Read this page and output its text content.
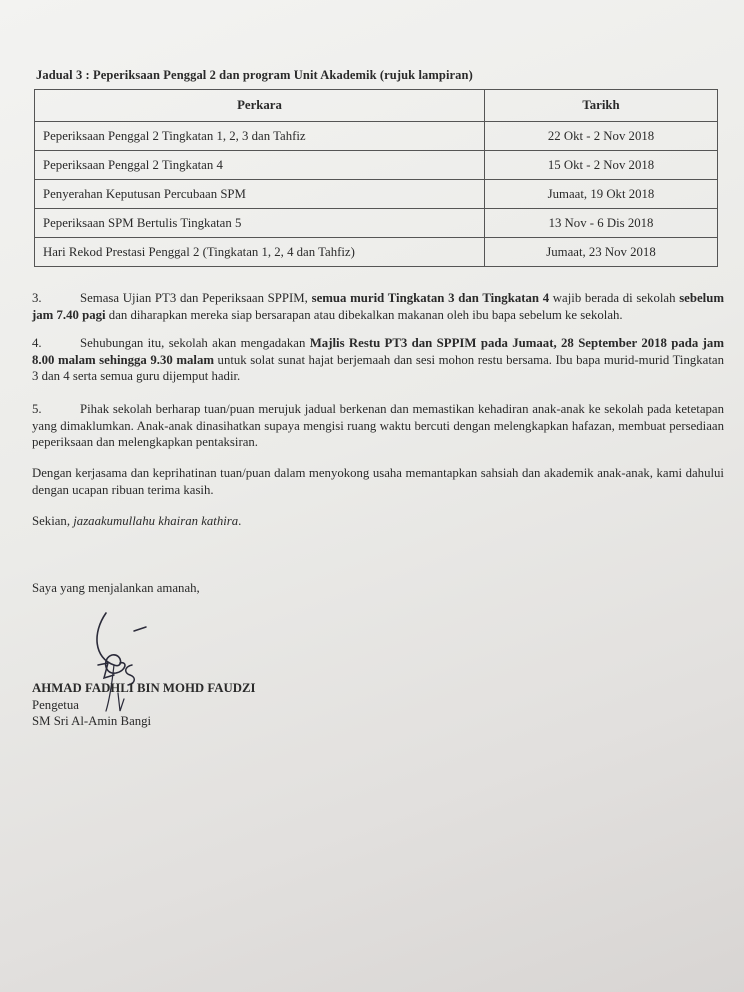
Jadual 3 : Peperiksaan Penggal 2 dan program Unit Akademik (rujuk lampiran)
Perkara	Tarikh
Peperiksaan Penggal 2 Tingkatan 1, 2, 3 dan Tahfiz	22 Okt - 2 Nov 2018
Peperiksaan Penggal 2 Tingkatan 4	15 Okt - 2 Nov 2018
Penyerahan Keputusan Percubaan SPM	Jumaat, 19 Okt 2018
Peperiksaan SPM Bertulis Tingkatan 5	13 Nov - 6 Dis 2018
Hari Rekod Prestasi Penggal 2 (Tingkatan 1, 2, 4 dan Tahfiz)	Jumaat, 23 Nov 2018
3.	Semasa Ujian PT3 dan Peperiksaan SPPIM, semua murid Tingkatan 3 dan Tingkatan 4 wajib berada di sekolah sebelum jam 7.40 pagi dan diharapkan mereka siap bersarapan atau dibekalkan makanan oleh ibu bapa sebelum ke sekolah.
4.	Sehubungan itu, sekolah akan mengadakan Majlis Restu PT3 dan SPPIM pada Jumaat, 28 September 2018 pada jam 8.00 malam sehingga 9.30 malam untuk solat sunat hajat berjemaah dan sesi mohon restu bersama. Ibu bapa murid-murid Tingkatan 3 dan 4 serta semua guru dijemput hadir.
5.	Pihak sekolah berharap tuan/puan merujuk jadual berkenan dan memastikan kehadiran anak-anak ke sekolah pada ketetapan yang dimaklumkan. Anak-anak dinasihatkan supaya mengisi ruang waktu bercuti dengan melengkapkan hafazan, membuat persediaan peperiksaan dan melengkapkan pentaksiran.
Dengan kerjasama dan keprihatinan tuan/puan dalam menyokong usaha memantapkan sahsiah dan akademik anak-anak, kami dahului dengan ucapan ribuan terima kasih.
Sekian, jazaakumullahu khairan kathira.
Saya yang menjalankan amanah,
AHMAD FADHLI BIN MOHD FAUDZI
Pengetua
SM Sri Al-Amin Bangi
